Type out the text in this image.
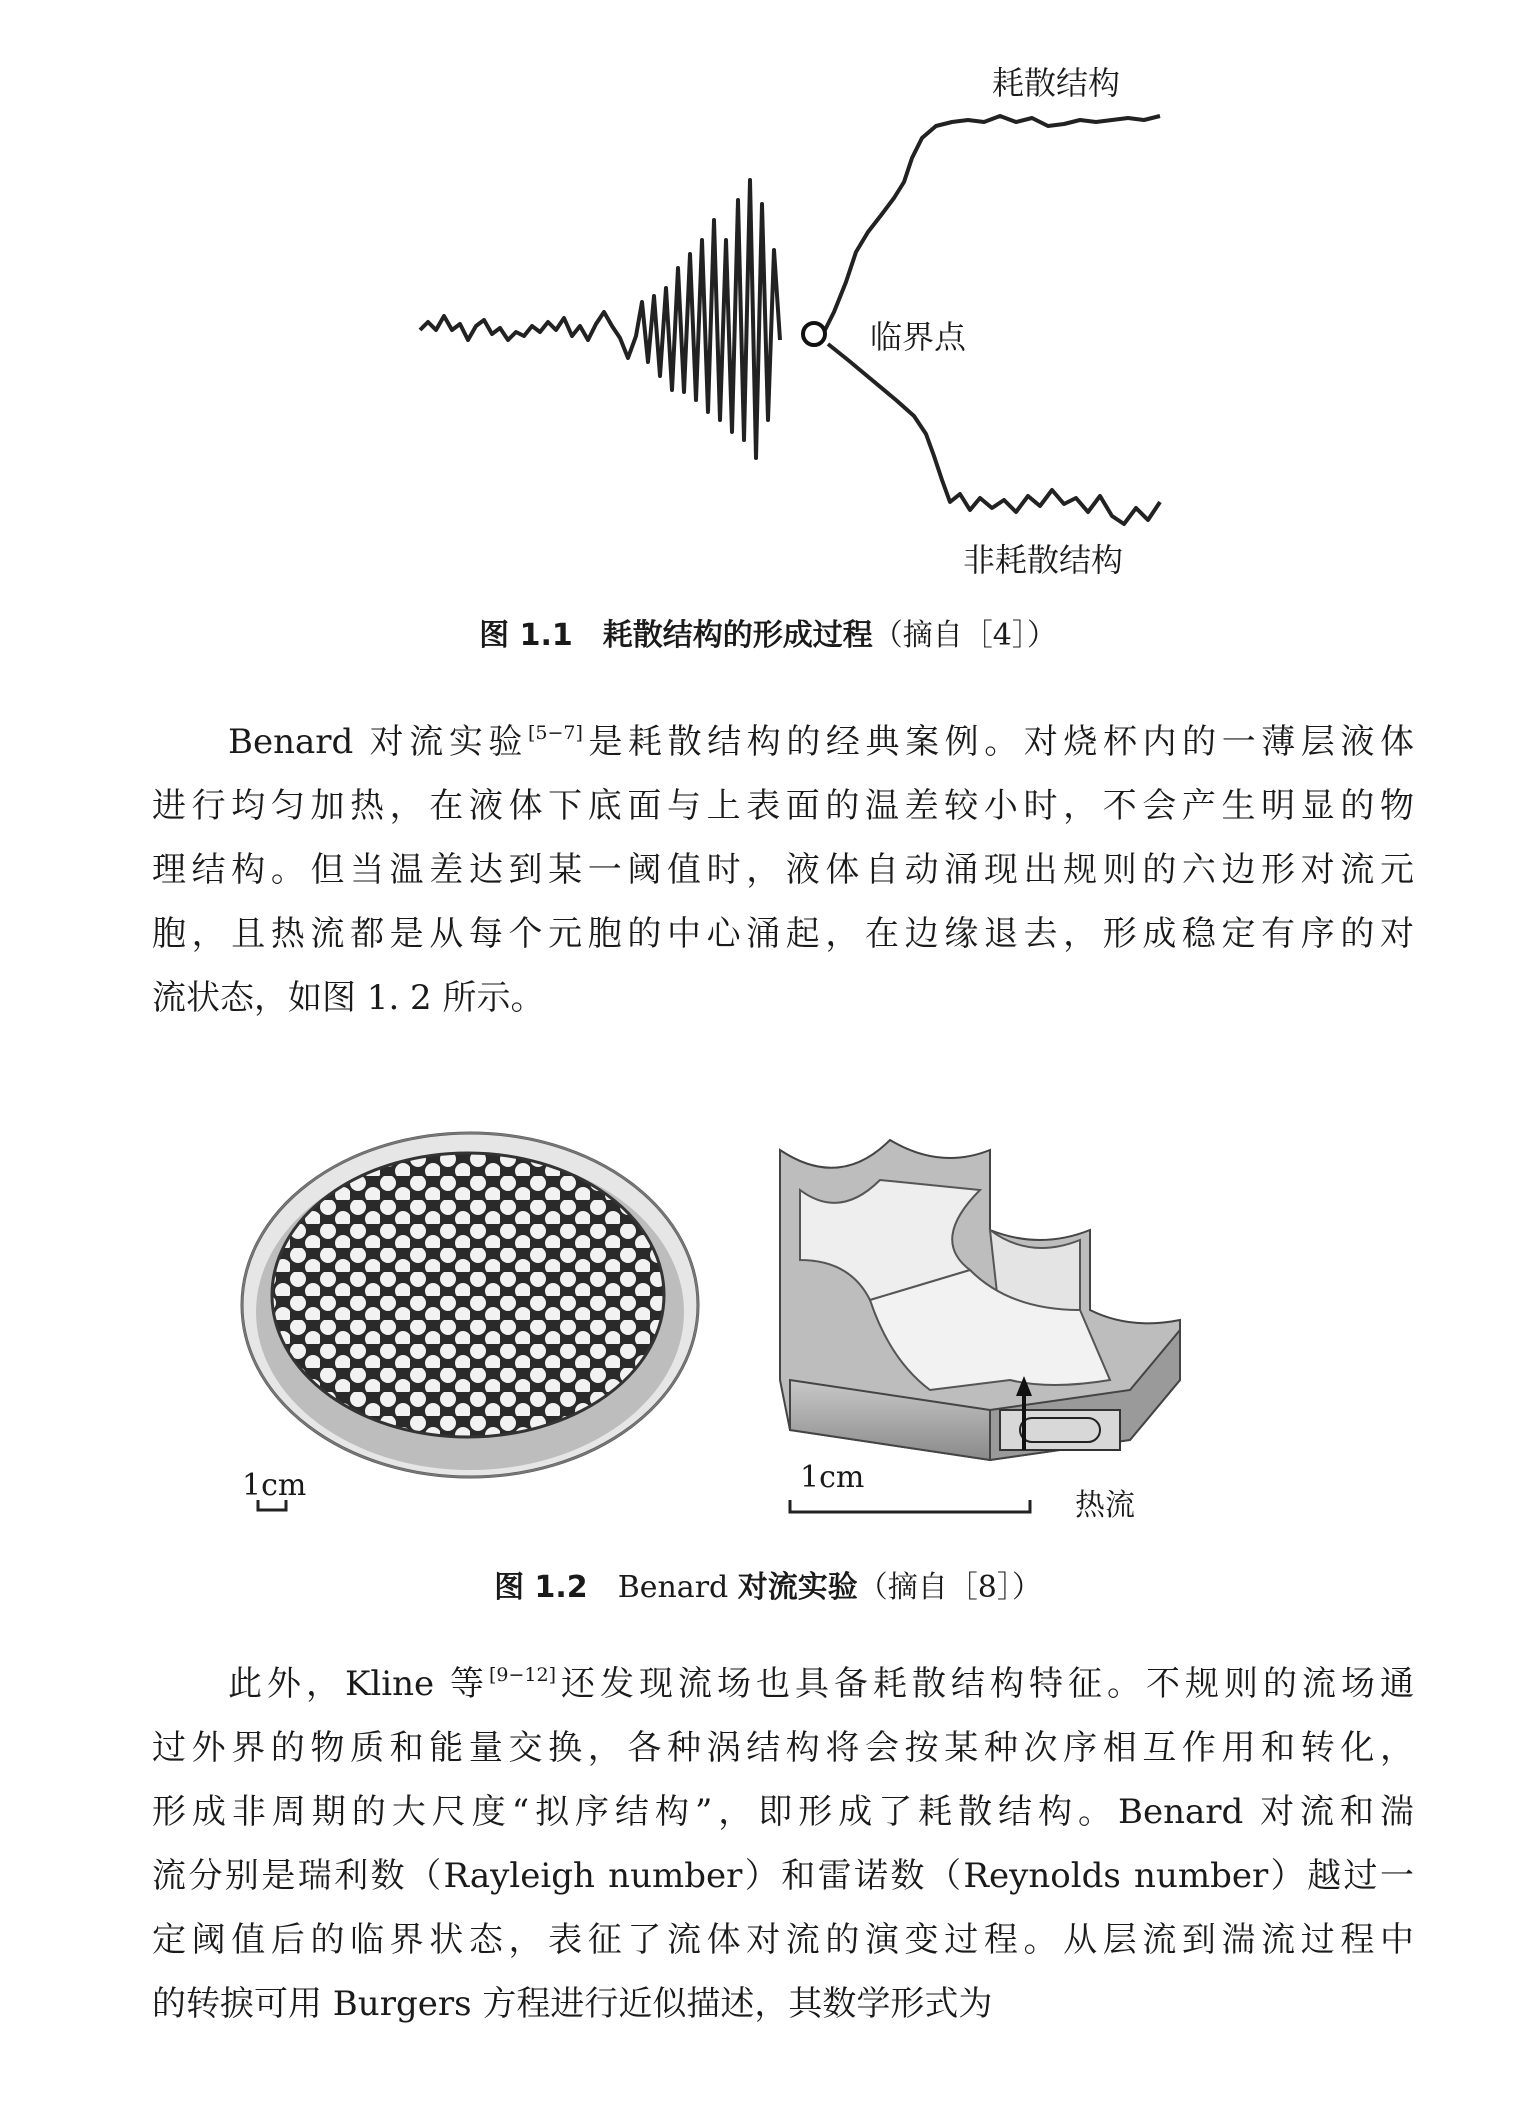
耗散结构
临界点
非耗散结构
图 1.1 耗散结构的形成过程（摘自［4］）
Benard 对流实验[5−7]是耗散结构的经典案例。对烧杯内的一薄层液体
进行均匀加热，在液体下底面与上表面的温差较小时，不会产生明显的物
理结构。但当温差达到某一阈值时，液体自动涌现出规则的六边形对流元
胞，且热流都是从每个元胞的中心涌起，在边缘退去，形成稳定有序的对
流状态，如图 1. 2 所示。
1cm	1cm
热流
图 1.2 Benard 对流实验（摘自［8］）
此外，Kline 等[9−12]还发现流场也具备耗散结构特征。不规则的流场通
过外界的物质和能量交换，各种涡结构将会按某种次序相互作用和转化，
形成非周期的大尺度“拟序结构”，即形成了耗散结构。Benard 对流和湍
流分别是瑞利数（Rayleigh number）和雷诺数（Reynolds number）越过一
定阈值后的临界状态，表征了流体对流的演变过程。从层流到湍流过程中
的转捩可用 Burgers 方程进行近似描述，其数学形式为
